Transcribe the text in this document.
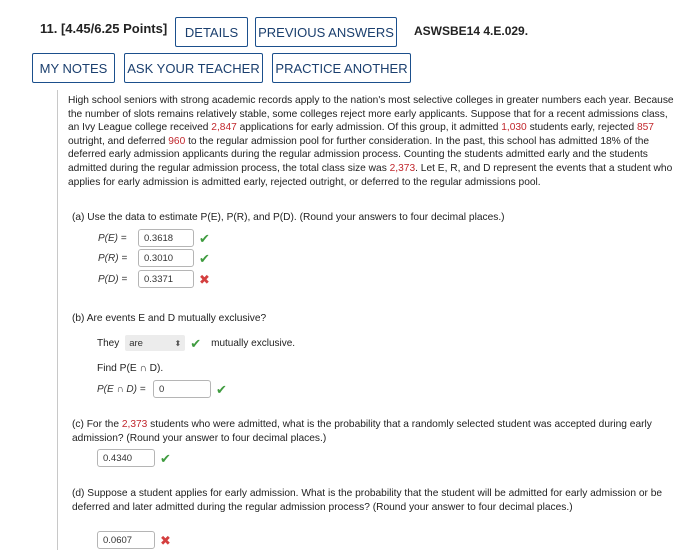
11. [4.45/6.25 Points]	DETAILS	PREVIOUS ANSWERS ASWSBE14 4.E.029.
MY NOTES	ASK YOUR TEACHER PRACTICE ANOTHER

High school seniors with strong academic records apply to the nation's most selective colleges in greater numbers each year. Because the number of slots remains relatively stable, some colleges reject more early applicants. Suppose that for a recent admissions class, an Ivy League college received 2,847 applications for early admission. Of this group, it admitted 1,030 students early, rejected 857 outright, and deferred 960 to the regular admission pool for further consideration. In the past, this school has admitted 18% of the deferred early admission applicants during the regular admission process. Counting the students admitted early and the students admitted during the regular admission process, the total class size was 2,373. Let E, R, and D represent the events that a student who applies for early admission is admitted early, rejected outright, or deferred to the regular admissions pool.

(a) Use the data to estimate P(E), P(R), and P(D). (Round your answers to four decimal places.)
P(E) =	0.3618	✔
P(R) =	0.3010	✔
P(D) =	0.3371	✖
(b) Are events E and D mutually exclusive?
They are	⬍ ✔ mutually exclusive.
Find P(E ∩ D).
P(E ∩ D) =	0	✔
(c) For the 2,373 students who were admitted, what is the probability that a randomly selected student was accepted during early admission? (Round your answer to four decimal places.)
0.4340	✔
(d) Suppose a student applies for early admission. What is the probability that the student will be admitted for early admission or be deferred and later admitted during the regular admission process? (Round your answer to four decimal places.)
0.0607	✖
